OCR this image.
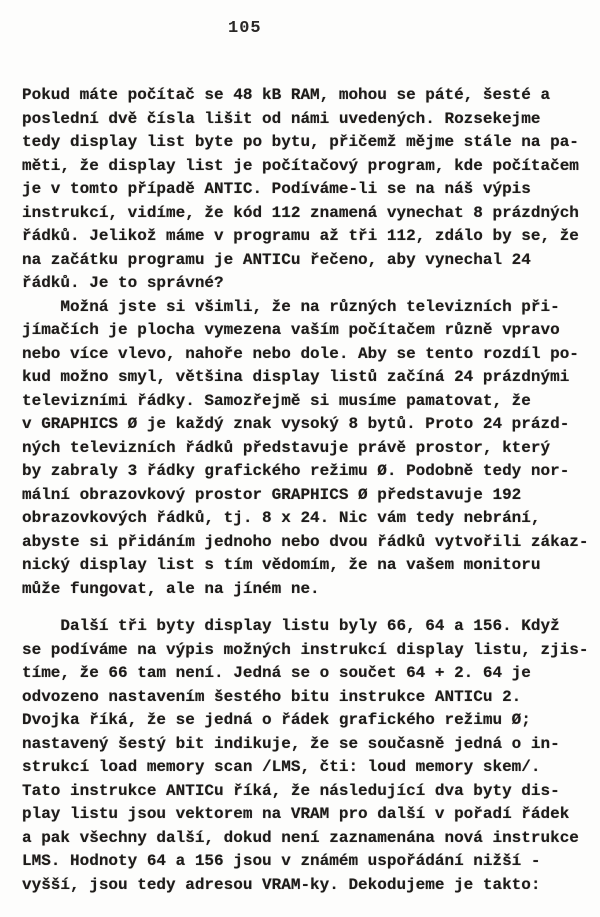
105
Pokud máte počítač se 48 kB RAM, mohou se páté, šesté a
poslední dvě čísla lišit od námi uvedených. Rozsekejme
tedy display list byte po bytu, přičemž mějme stále na pa-
měti, že display list je počítačový program, kde počítačem
je v tomto případě ANTIC. Podíváme-li se na náš výpis
instrukcí, vidíme, že kód 112 znamená vynechat 8 prázdných
řádků. Jelikož máme v programu až tři 112, zdálo by se, že
na začátku programu je ANTICu řečeno, aby vynechal 24
řádků. Je to správné?
Možná jste si všimli, že na různých televizních při-
jímačích je plocha vymezena vaším počítačem různě vpravo
nebo více vlevo, nahoře nebo dole. Aby se tento rozdíl po-
kud možno smyl, většina display listů začíná 24 prázdnými
televizními řádky. Samozřejmě si musíme pamatovat, že
v GRAPHICS Ø je každý znak vysoký 8 bytů. Proto 24 prázd-
ných televizních řádků představuje právě prostor, který
by zabraly 3 řádky grafického režimu Ø. Podobně tedy nor-
mální obrazovkový prostor GRAPHICS Ø představuje 192
obrazovkových řádků, tj. 8 x 24. Nic vám tedy nebrání,
abyste si přidáním jednoho nebo dvou řádků vytvořili zákaz-
nický display list s tím vědomím, že na vašem monitoru
může fungovat, ale na jíném ne.
Další tři byty display listu byly 66, 64 a 156. Když
se podíváme na výpis možných instrukcí display listu, zjis-
tíme, že 66 tam není. Jedná se o součet 64 + 2. 64 je
odvozeno nastavením šestého bitu instrukce ANTICu 2.
Dvojka říká, že se jedná o řádek grafického režimu Ø;
nastavený šestý bit indikuje, že se současně jedná o in-
strukcí load memory scan /LMS, čti: loud memory skem/.
Tato instrukce ANTICu říká, že následující dva byty dis-
play listu jsou vektorem na VRAM pro další v pořadí řádek
a pak všechny další, dokud není zaznamenána nová instrukce
LMS. Hodnoty 64 a 156 jsou v známém uspořádání nižší -
vyšší, jsou tedy adresou VRAM-ky. Dekodujeme je takto:
